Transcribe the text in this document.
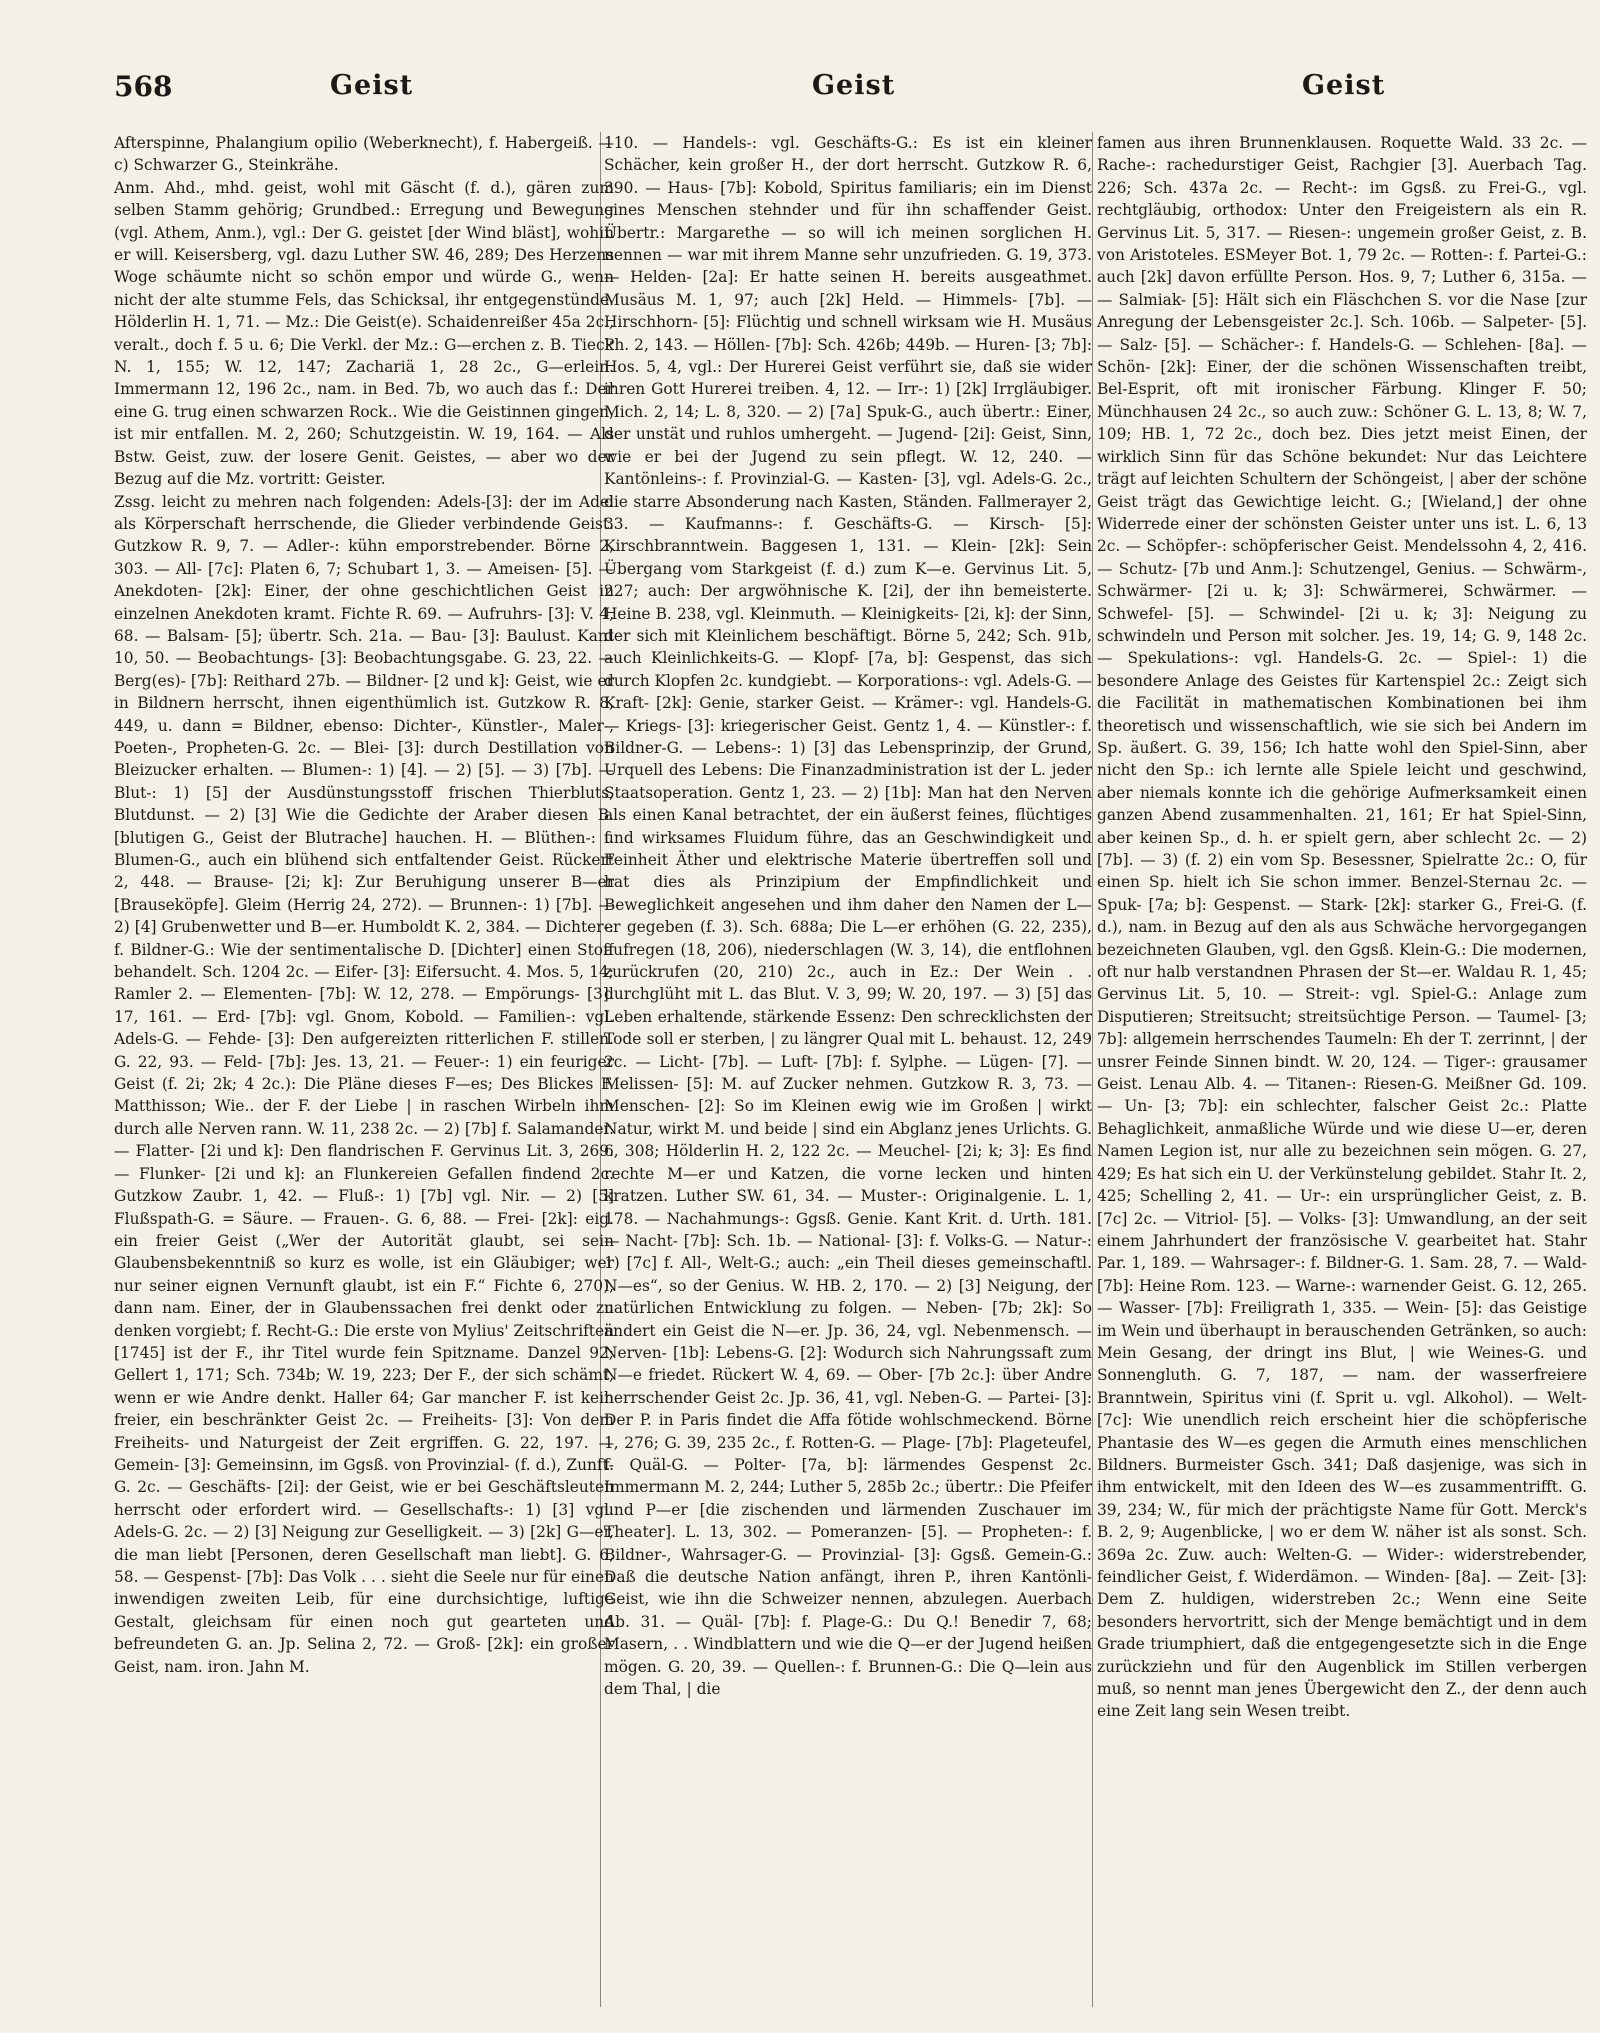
568	Geist	Geist	Geist

Afterspinne, Phalangium opilio (Weberknecht), f. Habergeiß. — c) Schwarzer G., Steinkrähe.

Anm. Ahd., mhd. geist, wohl mit Gäscht (f. d.), gären zum selben Stamm gehörig; Grundbed.: Erregung und Bewegung (vgl. Athem, Anm.), vgl.: Der G. geistet [der Wind bläst], wohin er will. Keisersberg, vgl. dazu Luther SW. 46, 289; Des Herzens Woge schäumte nicht so schön empor und würde G., wenn nicht der alte stumme Fels, das Schicksal, ihr entgegenstünde. Hölderlin H. 1, 71. — Mz.: Die Geist(e). Schaidenreißer 45a 2c., veralt., doch f. 5 u. 6; Die Verkl. der Mz.: G—erchen z. B. Tieck N. 1, 155; W. 12, 147; Zachariä 1, 28 2c., G—erlein. Immermann 12, 196 2c., nam. in Bed. 7b, wo auch das f.: Der eine G. trug einen schwarzen Rock.. Wie die Geistinnen gingen, ist mir entfallen. M. 2, 260; Schutzgeistin. W. 19, 164. — Als Bstw. Geist, zuw. der losere Genit. Geistes, — aber wo der Bezug auf die Mz. vortritt: Geister.

Zssg. leicht zu mehren nach folgenden: Adels-[3]: der im Adel als Körperschaft herrschende, die Glieder verbindende Geist. Gutzkow R. 9, 7. — Adler-: kühn emporstrebender. Börne 2, 303. — All- [7c]: Platen 6, 7; Schubart 1, 3. — Ameisen- [5]. — Anekdoten- [2k]: Einer, der ohne geschichtlichen Geist in einzelnen Anekdoten kramt. Fichte R. 69. — Aufruhrs- [3]: V. 4, 68. — Balsam- [5]; übertr. Sch. 21a. — Bau- [3]: Baulust. Kant 10, 50. — Beobachtungs- [3]: Beobachtungsgabe. G. 23, 22. — Berg(es)- [7b]: Reithard 27b. — Bildner- [2 und k]: Geist, wie er in Bildnern herrscht, ihnen eigenthümlich ist. Gutzkow R. 8, 449, u. dann = Bildner, ebenso: Dichter-, Künstler-, Maler-, Poeten-, Propheten-G. 2c. — Blei- [3]: durch Destillation von Bleizucker erhalten. — Blumen-: 1) [4]. — 2) [5]. — 3) [7b]. — Blut-: 1) [5] der Ausdünstungsstoff frischen Thierbluts, Blutdunst. — 2) [3] Wie die Gedichte der Araber diesen B. [blutigen G., Geist der Blutrache] hauchen. H. — Blüthen-: f. Blumen-G., auch ein blühend sich entfaltender Geist. Rückert 2, 448. — Brause- [2i; k]: Zur Beruhigung unserer B—er [Brauseköpfe]. Gleim (Herrig 24, 272). — Brunnen-: 1) [7b]. — 2) [4] Grubenwetter und B—er. Humboldt K. 2, 384. — Dichter-: f. Bildner-G.: Wie der sentimentalische D. [Dichter] einen Stoff behandelt. Sch. 1204 2c. — Eifer- [3]: Eifersucht. 4. Mos. 5, 14; Ramler 2. — Elementen- [7b]: W. 12, 278. — Empörungs- [3]: 17, 161. — Erd- [7b]: vgl. Gnom, Kobold. — Familien-: vgl. Adels-G. — Fehde- [3]: Den aufgereizten ritterlichen F. stillen. G. 22, 93. — Feld- [7b]: Jes. 13, 21. — Feuer-: 1) ein feuriger Geist (f. 2i; 2k; 4 2c.): Die Pläne dieses F—es; Des Blickes F. Matthisson; Wie.. der F. der Liebe | in raschen Wirbeln ihm durch alle Nerven rann. W. 11, 238 2c. — 2) [7b] f. Salamander. — Flatter- [2i und k]: Den flandrischen F. Gervinus Lit. 3, 269. — Flunker- [2i und k]: an Flunkereien Gefallen findend 2c. Gutzkow Zaubr. 1, 42. — Fluß-: 1) [7b] vgl. Nir. — 2) [5] Flußspath-G. = Säure. — Frauen-. G. 6, 88. — Frei- [2k]: eig. ein freier Geist („Wer der Autorität glaubt, sei sein Glaubensbekenntniß so kurz es wolle, ist ein Gläubiger; wer nur seiner eignen Vernunft glaubt, ist ein F.“ Fichte 6, 270), dann nam. Einer, der in Glaubenssachen frei denkt oder zu denken vorgiebt; f. Recht-G.: Die erste von Mylius' Zeitschriften [1745] ist der F., ihr Titel wurde fein Spitzname. Danzel 92; Gellert 1, 171; Sch. 734b; W. 19, 223; Der F., der sich schämt, wenn er wie Andre denkt. Haller 64; Gar mancher F. ist kein freier, ein beschränkter Geist 2c. — Freiheits- [3]: Von dem Freiheits- und Naturgeist der Zeit ergriffen. G. 22, 197. — Gemein- [3]: Gemeinsinn, im Ggsß. von Provinzial- (f. d.), Zunft-G. 2c. — Geschäfts- [2i]: der Geist, wie er bei Geschäftsleuten herrscht oder erfordert wird. — Gesellschafts-: 1) [3] vgl. Adels-G. 2c. — 2) [3] Neigung zur Geselligkeit. — 3) [2k] G—er, die man liebt [Personen, deren Gesellschaft man liebt]. G. 6, 58. — Gespenst- [7b]: Das Volk . . . sieht die Seele nur für einen inwendigen zweiten Leib, für eine durchsichtige, luftige Gestalt, gleichsam für einen noch gut gearteten und befreundeten G. an. Jp. Selina 2, 72. — Groß- [2k]: ein großer Geist, nam. iron. Jahn M.

110. — Handels-: vgl. Geschäfts-G.: Es ist ein kleiner Schächer, kein großer H., der dort herrscht. Gutzkow R. 6, 390. — Haus- [7b]: Kobold, Spiritus familiaris; ein im Dienst eines Menschen stehnder und für ihn schaffender Geist. Übertr.: Margarethe — so will ich meinen sorglichen H. nennen — war mit ihrem Manne sehr unzufrieden. G. 19, 373. — Helden- [2a]: Er hatte seinen H. bereits ausgeathmet. Musäus M. 1, 97; auch [2k] Held. — Himmels- [7b]. — Hirschhorn- [5]: Flüchtig und schnell wirksam wie H. Musäus Ph. 2, 143. — Höllen- [7b]: Sch. 426b; 449b. — Huren- [3; 7b]: Hos. 5, 4, vgl.: Der Hurerei Geist verführt sie, daß sie wider ihren Gott Hurerei treiben. 4, 12. — Irr-: 1) [2k] Irrgläubiger. Mich. 2, 14; L. 8, 320. — 2) [7a] Spuk-G., auch übertr.: Einer, der unstät und ruhlos umhergeht. — Jugend- [2i]: Geist, Sinn, wie er bei der Jugend zu sein pflegt. W. 12, 240. — Kantönleins-: f. Provinzial-G. — Kasten- [3], vgl. Adels-G. 2c., die starre Absonderung nach Kasten, Ständen. Fallmerayer 2, 33. — Kaufmanns-: f. Geschäfts-G. — Kirsch- [5]: Kirschbranntwein. Baggesen 1, 131. — Klein- [2k]: Sein Übergang vom Starkgeist (f. d.) zum K—e. Gervinus Lit. 5, 227; auch: Der argwöhnische K. [2i], der ihn bemeisterte. Heine B. 238, vgl. Kleinmuth. — Kleinigkeits- [2i, k]: der Sinn, der sich mit Kleinlichem beschäftigt. Börne 5, 242; Sch. 91b, auch Kleinlichkeits-G. — Klopf- [7a, b]: Gespenst, das sich durch Klopfen 2c. kundgiebt. — Korporations-: vgl. Adels-G. — Kraft- [2k]: Genie, starker Geist. — Krämer-: vgl. Handels-G. — Kriegs- [3]: kriegerischer Geist. Gentz 1, 4. — Künstler-: f. Bildner-G. — Lebens-: 1) [3] das Lebensprinzip, der Grund, Urquell des Lebens: Die Finanzadministration ist der L. jeder Staatsoperation. Gentz 1, 23. — 2) [1b]: Man hat den Nerven als einen Kanal betrachtet, der ein äußerst feines, flüchtiges und wirksames Fluidum führe, das an Geschwindigkeit und Feinheit Äther und elektrische Materie übertreffen soll und hat dies als Prinzipium der Empfindlichkeit und Beweglichkeit angesehen und ihm daher den Namen der L—er gegeben (f. 3). Sch. 688a; Die L—er erhöhen (G. 22, 235), aufregen (18, 206), niederschlagen (W. 3, 14), die entflohnen zurückrufen (20, 210) 2c., auch in Ez.: Der Wein . . durchglüht mit L. das Blut. V. 3, 99; W. 20, 197. — 3) [5] das Leben erhaltende, stärkende Essenz: Den schrecklichsten der Tode soll er sterben, | zu längrer Qual mit L. behaust. 12, 249 2c. — Licht- [7b]. — Luft- [7b]: f. Sylphe. — Lügen- [7]. — Melissen- [5]: M. auf Zucker nehmen. Gutzkow R. 3, 73. — Menschen- [2]: So im Kleinen ewig wie im Großen | wirkt Natur, wirkt M. und beide | sind ein Abglanz jenes Urlichts. G. 6, 308; Hölderlin H. 2, 122 2c. — Meuchel- [2i; k; 3]: Es find rechte M—er und Katzen, die vorne lecken und hinten kratzen. Luther SW. 61, 34. — Muster-: Originalgenie. L. 1, 178. — Nachahmungs-: Ggsß. Genie. Kant Krit. d. Urth. 181. — Nacht- [7b]: Sch. 1b. — National- [3]: f. Volks-G. — Natur-: 1) [7c] f. All-, Welt-G.; auch: „ein Theil dieses gemeinschaftl. N—es“, so der Genius. W. HB. 2, 170. — 2) [3] Neigung, der natürlichen Entwicklung zu folgen. — Neben- [7b; 2k]: So ändert ein Geist die N—er. Jp. 36, 24, vgl. Nebenmensch. — Nerven- [1b]: Lebens-G. [2]: Wodurch sich Nahrungssaft zum N—e friedet. Rückert W. 4, 69. — Ober- [7b 2c.]: über Andre herrschender Geist 2c. Jp. 36, 41, vgl. Neben-G. — Partei- [3]: Der P. in Paris findet die Affa fötide wohlschmeckend. Börne 1, 276; G. 39, 235 2c., f. Rotten-G. — Plage- [7b]: Plageteufel, f. Quäl-G. — Polter- [7a, b]: lärmendes Gespenst 2c. Immermann M. 2, 244; Luther 5, 285b 2c.; übertr.: Die Pfeifer und P—er [die zischenden und lärmenden Zuschauer im Theater]. L. 13, 302. — Pomeranzen- [5]. — Propheten-: f. Bildner-, Wahrsager-G. — Provinzial- [3]: Ggsß. Gemein-G.: Daß die deutsche Nation anfängt, ihren P., ihren Kantönli-Geist, wie ihn die Schweizer nennen, abzulegen. Auerbach Ab. 31. — Quäl- [7b]: f. Plage-G.: Du Q.! Benedir 7, 68; Masern, . . Windblattern und wie die Q—er der Jugend heißen mögen. G. 20, 39. — Quellen-: f. Brunnen-G.: Die Q—lein aus dem Thal, | die

famen aus ihren Brunnenklausen. Roquette Wald. 33 2c. — Rache-: rachedurstiger Geist, Rachgier [3]. Auerbach Tag. 226; Sch. 437a 2c. — Recht-: im Ggsß. zu Frei-G., vgl. rechtgläubig, orthodox: Unter den Freigeistern als ein R. Gervinus Lit. 5, 317. — Riesen-: ungemein großer Geist, z. B. von Aristoteles. ESMeyer Bot. 1, 79 2c. — Rotten-: f. Partei-G.: auch [2k] davon erfüllte Person. Hos. 9, 7; Luther 6, 315a. — — Salmiak- [5]: Hält sich ein Fläschchen S. vor die Nase [zur Anregung der Lebensgeister 2c.]. Sch. 106b. — Salpeter- [5]. — Salz- [5]. — Schächer-: f. Handels-G. — Schlehen- [8a]. — Schön- [2k]: Einer, der die schönen Wissenschaften treibt, Bel-Esprit, oft mit ironischer Färbung. Klinger F. 50; Münchhausen 24 2c., so auch zuw.: Schöner G. L. 13, 8; W. 7, 109; HB. 1, 72 2c., doch bez. Dies jetzt meist Einen, der wirklich Sinn für das Schöne bekundet: Nur das Leichtere trägt auf leichten Schultern der Schöngeist, | aber der schöne Geist trägt das Gewichtige leicht. G.; [Wieland,] der ohne Widerrede einer der schönsten Geister unter uns ist. L. 6, 13 2c. — Schöpfer-: schöpferischer Geist. Mendelssohn 4, 2, 416. — Schutz- [7b und Anm.]: Schutzengel, Genius. — Schwärm-, Schwärmer- [2i u. k; 3]: Schwärmerei, Schwärmer. — Schwefel- [5]. — Schwindel- [2i u. k; 3]: Neigung zu schwindeln und Person mit solcher. Jes. 19, 14; G. 9, 148 2c. — Spekulations-: vgl. Handels-G. 2c. — Spiel-: 1) die besondere Anlage des Geistes für Kartenspiel 2c.: Zeigt sich die Facilität in mathematischen Kombinationen bei ihm theoretisch und wissenschaftlich, wie sie sich bei Andern im Sp. äußert. G. 39, 156; Ich hatte wohl den Spiel-Sinn, aber nicht den Sp.: ich lernte alle Spiele leicht und geschwind, aber niemals konnte ich die gehörige Aufmerksamkeit einen ganzen Abend zusammenhalten. 21, 161; Er hat Spiel-Sinn, aber keinen Sp., d. h. er spielt gern, aber schlecht 2c. — 2) [7b]. — 3) (f. 2) ein vom Sp. Besessner, Spielratte 2c.: O, für einen Sp. hielt ich Sie schon immer. Benzel-Sternau 2c. — Spuk- [7a; b]: Gespenst. — Stark- [2k]: starker G., Frei-G. (f. d.), nam. in Bezug auf den als aus Schwäche hervorgegangen bezeichneten Glauben, vgl. den Ggsß. Klein-G.: Die modernen, oft nur halb verstandnen Phrasen der St—er. Waldau R. 1, 45; Gervinus Lit. 5, 10. — Streit-: vgl. Spiel-G.: Anlage zum Disputieren; Streitsucht; streitsüchtige Person. — Taumel- [3; 7b]: allgemein herrschendes Taumeln: Eh der T. zerrinnt, | der unsrer Feinde Sinnen bindt. W. 20, 124. — Tiger-: grausamer Geist. Lenau Alb. 4. — Titanen-: Riesen-G. Meißner Gd. 109. — Un- [3; 7b]: ein schlechter, falscher Geist 2c.: Platte Behaglichkeit, anmaßliche Würde und wie diese U—er, deren Namen Legion ist, nur alle zu bezeichnen sein mögen. G. 27, 429; Es hat sich ein U. der Verkünstelung gebildet. Stahr It. 2, 425; Schelling 2, 41. — Ur-: ein ursprünglicher Geist, z. B. [7c] 2c. — Vitriol- [5]. — Volks- [3]: Umwandlung, an der seit einem Jahrhundert der französische V. gearbeitet hat. Stahr Par. 1, 189. — Wahrsager-: f. Bildner-G. 1. Sam. 28, 7. — Wald- [7b]: Heine Rom. 123. — Warne-: warnender Geist. G. 12, 265. — Wasser- [7b]: Freiligrath 1, 335. — Wein- [5]: das Geistige im Wein und überhaupt in berauschenden Getränken, so auch: Mein Gesang, der dringt ins Blut, | wie Weines-G. und Sonnengluth. G. 7, 187, — nam. der wasserfreiere Branntwein, Spiritus vini (f. Sprit u. vgl. Alkohol). — Welt- [7c]: Wie unendlich reich erscheint hier die schöpferische Phantasie des W—es gegen die Armuth eines menschlichen Bildners. Burmeister Gsch. 341; Daß dasjenige, was sich in ihm entwickelt, mit den Ideen des W—es zusammentrifft. G. 39, 234; W., für mich der prächtigste Name für Gott. Merck's B. 2, 9; Augenblicke, | wo er dem W. näher ist als sonst. Sch. 369a 2c. Zuw. auch: Welten-G. — Wider-: widerstrebender, feindlicher Geist, f. Widerdämon. — Winden- [8a]. — Zeit- [3]: Dem Z. huldigen, widerstreben 2c.; Wenn eine Seite besonders hervortritt, sich der Menge bemächtigt und in dem Grade triumphiert, daß die entgegengesetzte sich in die Enge zurückziehn und für den Augenblick im Stillen verbergen muß, so nennt man jenes Übergewicht den Z., der denn auch eine Zeit lang sein Wesen treibt.
